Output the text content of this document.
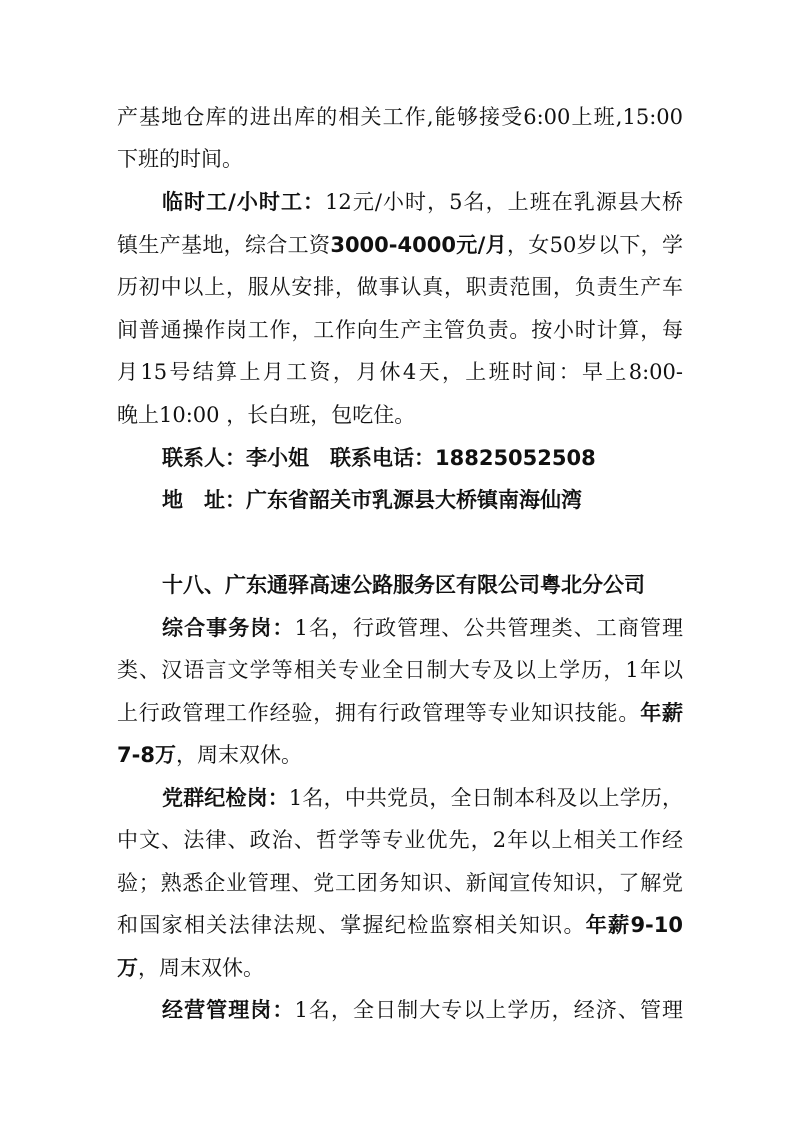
产基地仓库的进出库的相关工作,能够接受6:00上班,15:00
下班的时间。
临时工/小时工：12元/小时，5名，上班在乳源县大桥
镇生产基地，综合工资3000-4000元/月，女50岁以下，学
历初中以上，服从安排，做事认真，职责范围，负责生产车
间普通操作岗工作，工作向生产主管负责。按小时计算，每
月15号结算上月工资，月休4天，上班时间：早上8:00-
晚上10:00 ，长白班，包吃住。
联系人：李小姐　联系电话：18825052508
地　址：广东省韶关市乳源县大桥镇南海仙湾
十八、广东通驿高速公路服务区有限公司粤北分公司
综合事务岗：1名，行政管理、公共管理类、工商管理
类、汉语言文学等相关专业全日制大专及以上学历，1年以
上行政管理工作经验，拥有行政管理等专业知识技能。年薪
7-8万，周末双休。
党群纪检岗：1名，中共党员，全日制本科及以上学历，
中文、法律、政治、哲学等专业优先，2年以上相关工作经
验；熟悉企业管理、党工团务知识、新闻宣传知识，了解党
和国家相关法律法规、掌握纪检监察相关知识。年薪9-10
万，周末双休。
经营管理岗：1名，全日制大专以上学历，经济、管理
